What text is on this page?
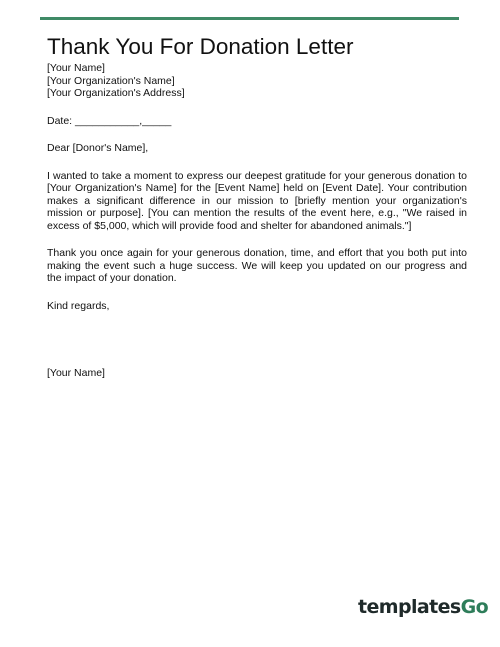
Thank You For Donation Letter

[Your Name]

[Your Organization's Name]

[Your Organization's Address]

Date: ___________,_____

Dear [Donor's Name],

I wanted to take a moment to express our deepest gratitude for your generous donation to [Your Organization's Name] for the [Event Name] held on [Event Date]. Your contribution makes a significant difference in our mission to [briefly mention your organization's mission or purpose]. [You can mention the results of the event here, e.g., "We raised in excess of $5,000, which will provide food and shelter for abandoned animals."]

Thank you once again for your generous donation, time, and effort that you both put into making the event such a huge success. We will keep you updated on our progress and the impact of your donation.

Kind regards,

[Your Name]

templates Go
